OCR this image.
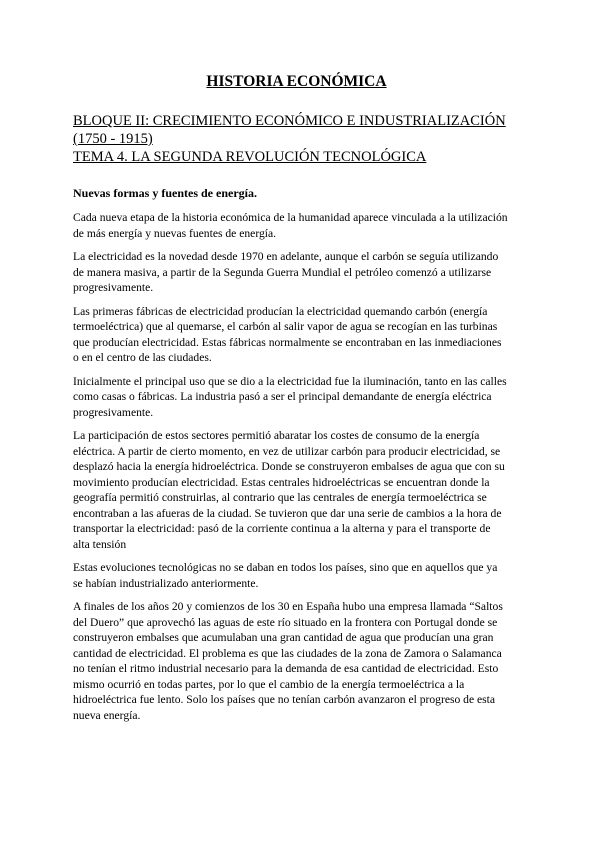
HISTORIA ECONÓMICA
BLOQUE II: CRECIMIENTO ECONÓMICO E INDUSTRIALIZACIÓN
(1750 - 1915)
TEMA 4. LA SEGUNDA REVOLUCIÓN TECNOLÓGICA
Nuevas formas y fuentes de energía.

Cada nueva etapa de la historia económica de la humanidad aparece vinculada a la utilización
de más energía y nuevas fuentes de energía.

La electricidad es la novedad desde 1970 en adelante, aunque el carbón se seguía utilizando
de manera masiva, a partir de la Segunda Guerra Mundial el petróleo comenzó a utilizarse
progresivamente.

Las primeras fábricas de electricidad producían la electricidad quemando carbón (energía
termoeléctrica) que al quemarse, el carbón al salir vapor de agua se recogían en las turbinas
que producían electricidad. Estas fábricas normalmente se encontraban en las inmediaciones
o en el centro de las ciudades.

Inicialmente el principal uso que se dio a la electricidad fue la iluminación, tanto en las calles
como casas o fábricas. La industria pasó a ser el principal demandante de energía eléctrica
progresivamente.

La participación de estos sectores permitió abaratar los costes de consumo de la energía
eléctrica. A partir de cierto momento, en vez de utilizar carbón para producir electricidad, se
desplazó hacia la energía hidroeléctrica. Donde se construyeron embalses de agua que con su
movimiento producían electricidad. Estas centrales hidroeléctricas se encuentran donde la
geografía permitió construirlas, al contrario que las centrales de energía termoeléctrica se
encontraban a las afueras de la ciudad. Se tuvieron que dar una serie de cambios a la hora de
transportar la electricidad: pasó de la corriente continua a la alterna y para el transporte de
alta tensión

Estas evoluciones tecnológicas no se daban en todos los países, sino que en aquellos que ya
se habían industrializado anteriormente.

A finales de los años 20 y comienzos de los 30 en España hubo una empresa llamada “Saltos
del Duero” que aprovechó las aguas de este río situado en la frontera con Portugal donde se
construyeron embalses que acumulaban una gran cantidad de agua que producían una gran
cantidad de electricidad. El problema es que las ciudades de la zona de Zamora o Salamanca
no tenían el ritmo industrial necesario para la demanda de esa cantidad de electricidad. Esto
mismo ocurrió en todas partes, por lo que el cambio de la energía termoeléctrica a la
hidroeléctrica fue lento. Solo los países que no tenían carbón avanzaron el progreso de esta
nueva energía.
